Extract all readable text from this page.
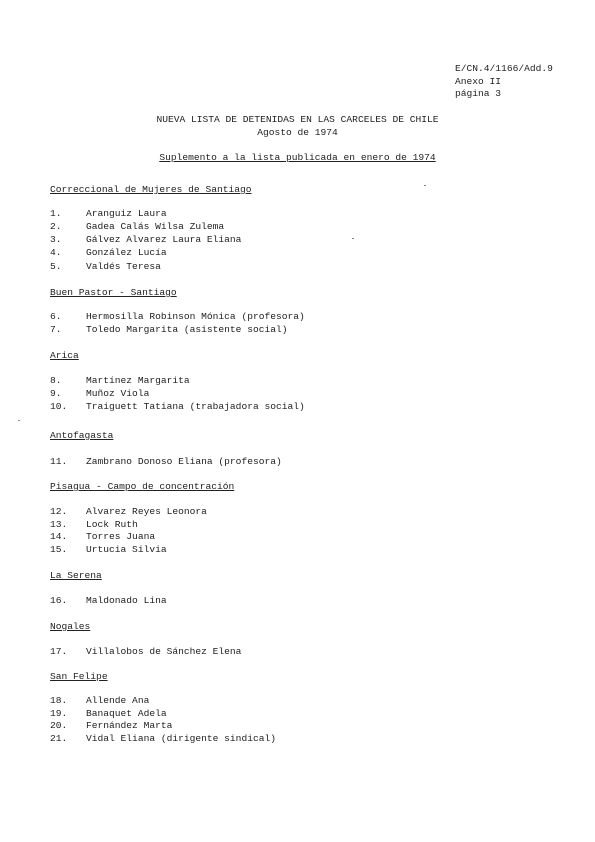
E/CN.4/1166/Add.9
Anexo II
página 3
NUEVA LISTA DE DETENIDAS EN LAS CARCELES DE CHILE
Agosto de 1974
Suplemento a la lista publicada en enero de 1974
Correccional de Mujeres de Santiago
1.	Aranguiz Laura
2.	Gadea Calás Wilsa Zulema
3.	Gálvez Alvarez Laura Eliana
4.	González Lucía
5.	Valdés Teresa
Buen Pastor - Santiago
6.	Hermosilla Robinson Mónica (profesora)
7.	Toledo Margarita (asistente social)
Arica
8.	Martínez Margarita
9.	Muñoz Viola
10. Traiguett Tatiana (trabajadora social)
Antofagasta
11. Zambrano Donoso Eliana (profesora)
Pisagua - Campo de concentración
12. Alvarez Reyes Leonora
13. Lock Ruth
14. Torres Juana
15. Urtucia Silvia
La Serena
16. Maldonado Lina
Nogales
17. Villalobos de Sánchez Elena
San Felipe
18. Allende Ana
19. Banaquet Adela
20. Fernández Marta
21. Vidal Eliana (dirigente sindical)
